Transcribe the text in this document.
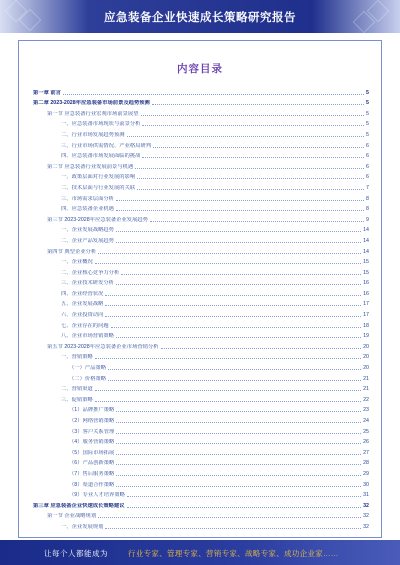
应急装备企业快速成长策略研究报告
内容目录
第一章 前言	5
第二章 2023-2028年应急装备市场前景及趋势预测	5
第一节 应急装备行业宏观市场前景展望	5
一、应急装备市场现状与前景分析	5
二、行业市场发展趋势预测	5
三、行业市场供需情况、产业格局研判	6
四、应急装备市场发展面临的挑战	6
第二节 应急装备行业发展前景与机遇	6
一、政策层面对行业发展的影响	6
二、技术层面与行业发展的关联	7
三、市场需求层面分析	8
四、应急装备企业机遇	8
第三节 2023-2028年应急装备企业发展趋势	9
一、企业发展战略趋势	14
二、企业产品发展趋势	14
第四节 典型企业分析	14
一、企业概况	15
二、企业核心竞争力分析	15
三、企业技术研发分析	16
四、企业经营状况	16
五、企业发展战略	17
六、企业投资动向	17
七、企业存在的问题	18
八、企业市场营销策略	19
第五节 2023-2028年应急装备企业市场营销分析	20
一、营销策略	20
（一）产品策略	20
（二）价格策略	21
二、营销渠道	21
三、促销策略	22
（1）品牌推广策略	23
（2）网络营销策略	24
（3）客户关系管理	25
（4）服务营销策略	26
（5）国际市场拓展	27
（6）产品创新策略	28
（7）售后服务策略	29
（8）渠道合作策略	30
（9）专业人才培养策略	31
第三章 应急装备企业快速成长策略建议	32
第一节 企业战略规划	32
一、企业发展规划	32
让每个人都能成为	行业专家、管理专家、营销专家、战略专家、成功企业家……
